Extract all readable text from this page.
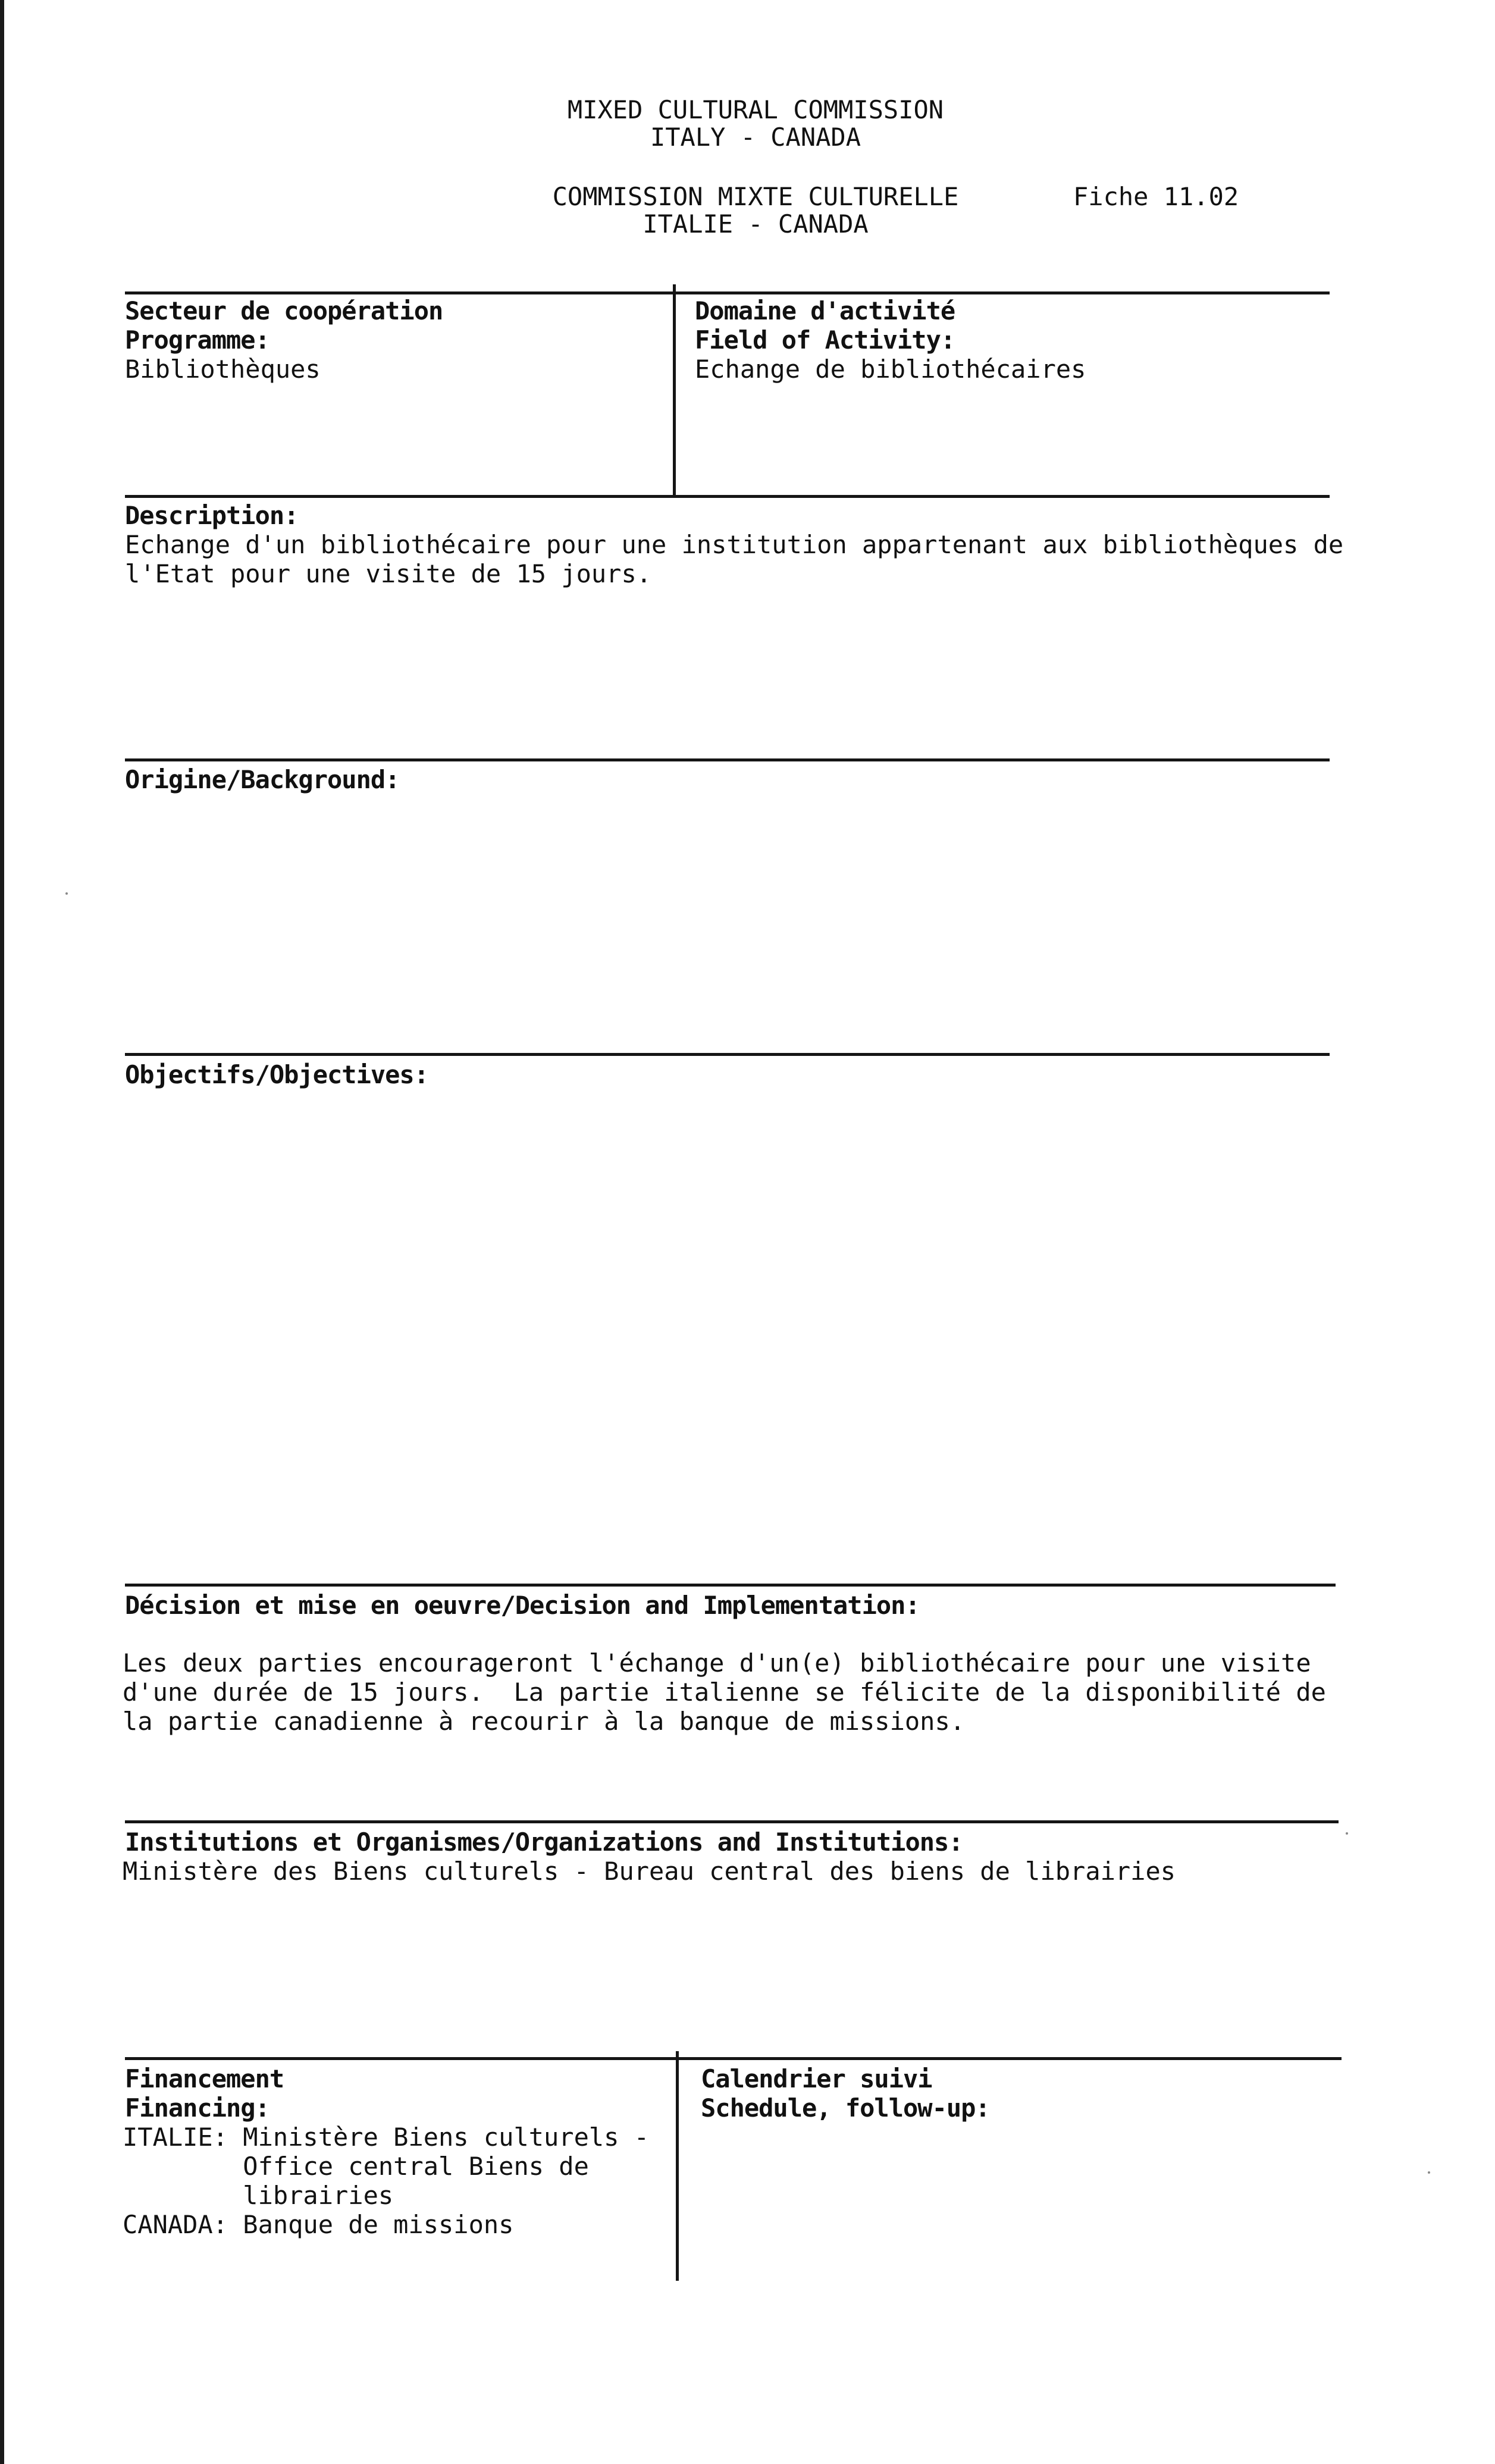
MIXED CULTURAL COMMISSION
ITALY - CANADA
COMMISSION MIXTE CULTURELLE
ITALIE - CANADA
Fiche 11.02
Secteur de coopération
Programme:
Bibliothèques
Domaine d'activité
Field of Activity:
Echange de bibliothécaires
Description:
Echange d'un bibliothécaire pour une institution appartenant aux bibliothèques de
l'Etat pour une visite de 15 jours.
Origine/Background:
Objectifs/Objectives:
Décision et mise en oeuvre/Decision and Implementation:
Les deux parties encourageront l'échange d'un(e) bibliothécaire pour une visite
d'une durée de 15 jours.  La partie italienne se félicite de la disponibilité de
la partie canadienne à recourir à la banque de missions.
Institutions et Organismes/Organizations and Institutions:
Ministère des Biens culturels - Bureau central des biens de librairies
Financement
Financing:
ITALIE: Ministère Biens culturels -
Office central Biens de
librairies
CANADA: Banque de missions
Calendrier suivi
Schedule, follow-up:
